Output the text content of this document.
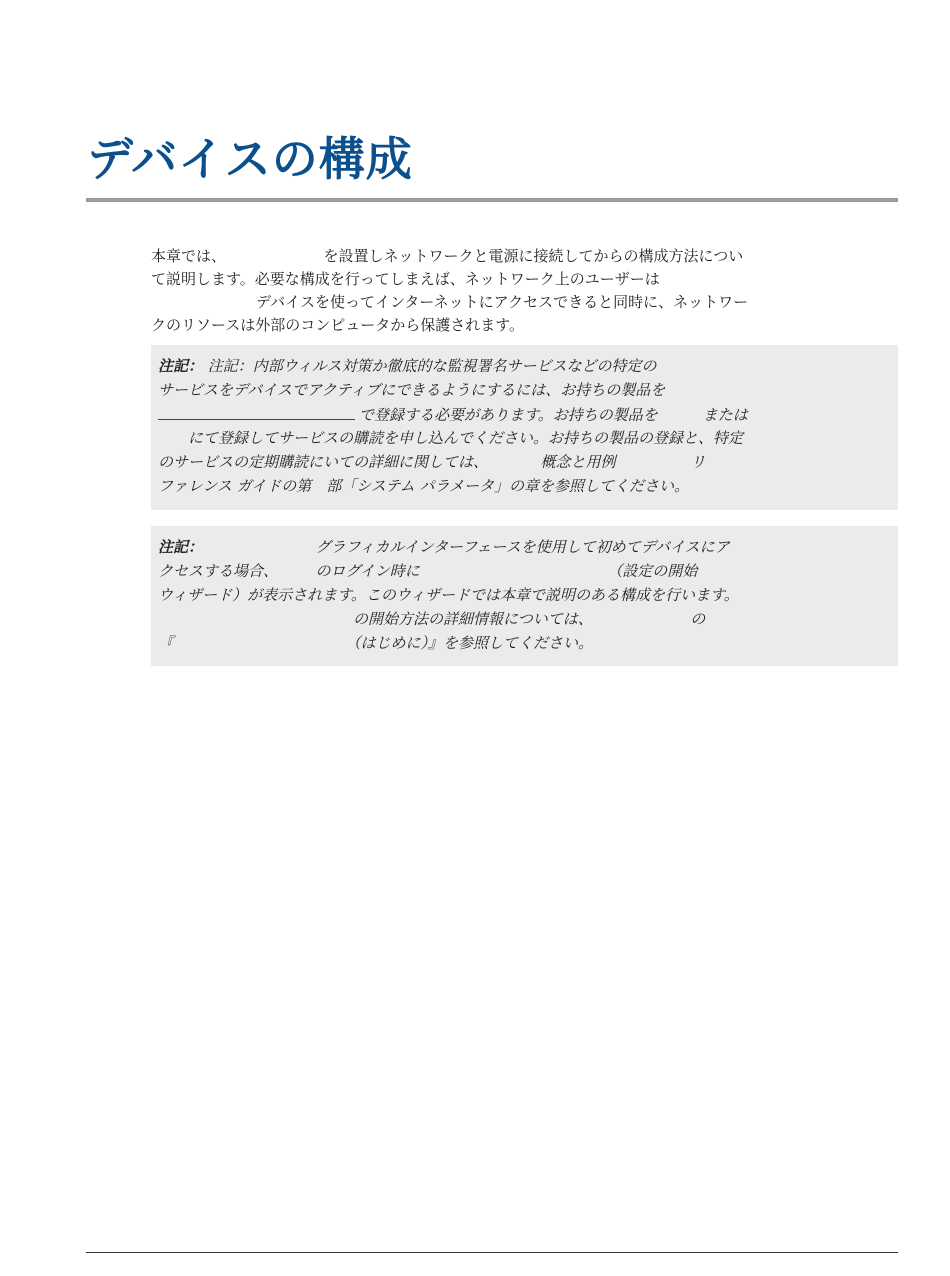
デバイスの構成
本章では、　　　　　　　を設置しネットワークと電源に接続してからの構成方法につい
て説明します。必要な構成を行ってしまえば、ネットワーク上のユーザーは
　　　　　　　デバイスを使ってインターネットにアクセスできると同時に、ネットワー
クのリソースは外部のコンピュータから保護されます。
注記： 注記：内部ウィルス対策か徹底的な監視署名サービスなどの特定の
サービスをデバイスでアクティブにできるようにするには、お持ちの製品を
で登録する必要があります。お持ちの製品を　　　または
　　にて登録してサービスの購読を申し込んでください。お持ちの製品の登録と、特定
のサービスの定期購読にいての詳細に関しては、　　　　概念と用例　　　　　リ
ファレンス ガイドの第　部「システム パラメータ」の章を参照してください。
注記：　　　　　　　　グラフィカルインターフェースを使用して初めてデバイスにア
クセスする場合、　　　のログイン時に　　　　　　　　　　　　　（設定の開始
ウィザード）が表示されます。このウィザードでは本章で説明のある構成を行います。
　　　　　　　　　　　　　の開始方法の詳細情報については、　　　　　　　の
『　　　　　　　　　　　　（はじめに）』を参照してください。
